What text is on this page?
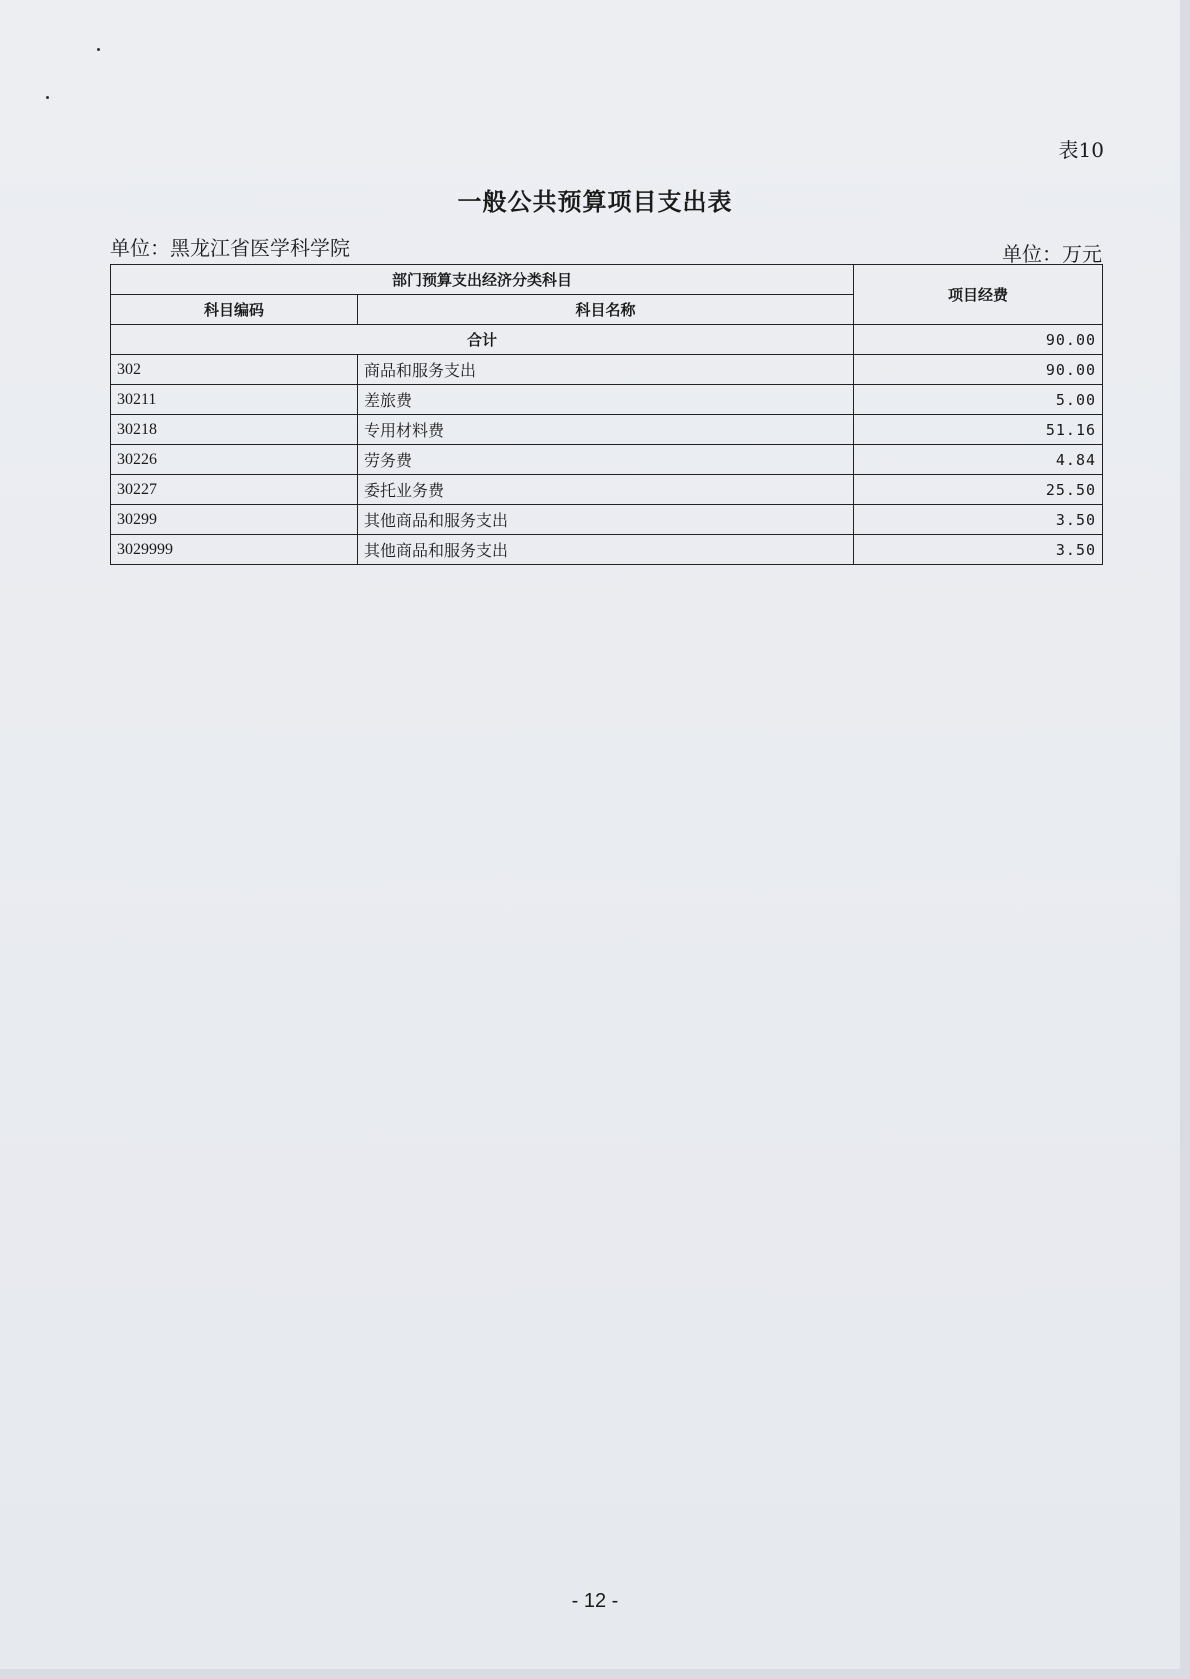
表10
一般公共预算项目支出表
单位：黑龙江省医学科学院	单位：万元
部门预算支出经济分类科目		项目经费
科目编码	科目名称	
合计		90.00
302	商品和服务支出	90.00
30211	差旅费	5.00
30218	专用材料费	51.16
30226	劳务费	4.84
30227	委托业务费	25.50
30299	其他商品和服务支出	3.50
3029999	其他商品和服务支出	3.50
- 12 -
